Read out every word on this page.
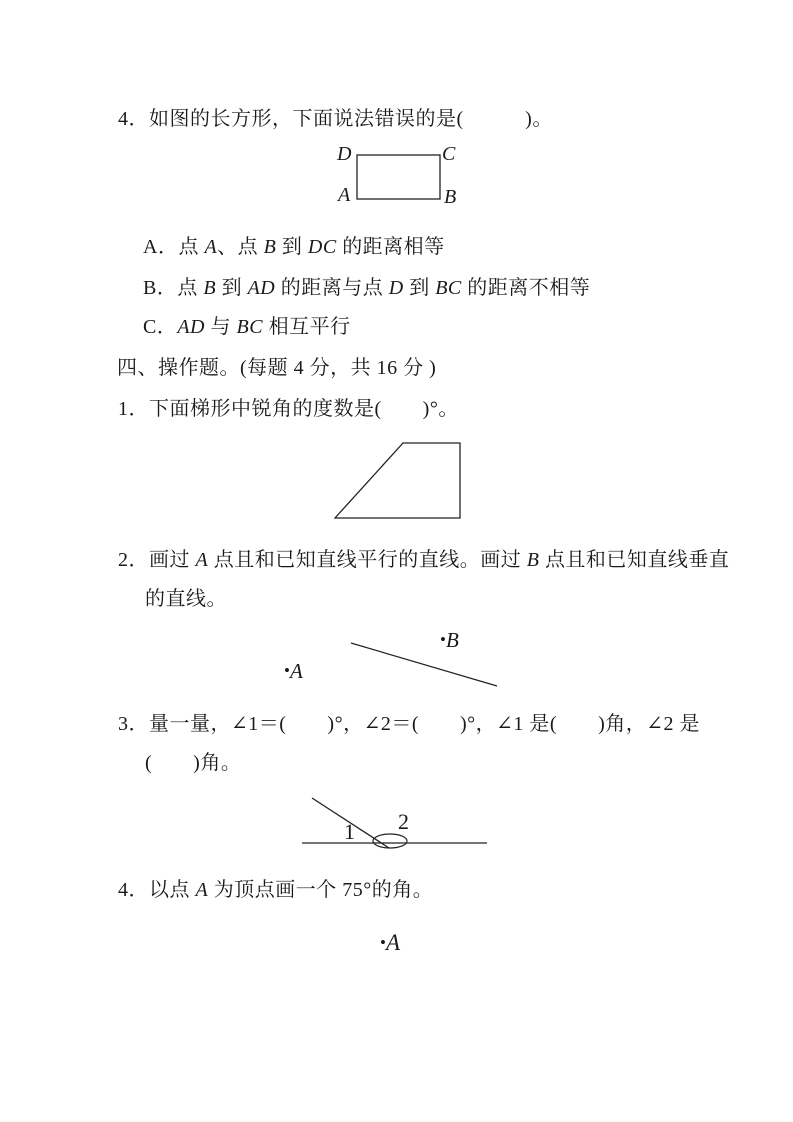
4．如图的长方形，下面说法错误的是(　　　)。
D	C
A	B
A．点 A、点 B 到 DC 的距离相等
B．点 B 到 AD 的距离与点 D 到 BC 的距离不相等
C．AD 与 BC 相互平行
四、操作题。(每题 4 分，共 16 分 )
1．下面梯形中锐角的度数是(　　)°。
2．画过 A 点且和已知直线平行的直线。画过 B 点且和已知直线垂直
的直线。
•B
•A
3．量一量，∠1＝(　　)°，∠2＝(　　)°，∠1 是(　　)角，∠2 是
(　　)角。
1 2
4．以点 A 为顶点画一个 75°的角。
•A
